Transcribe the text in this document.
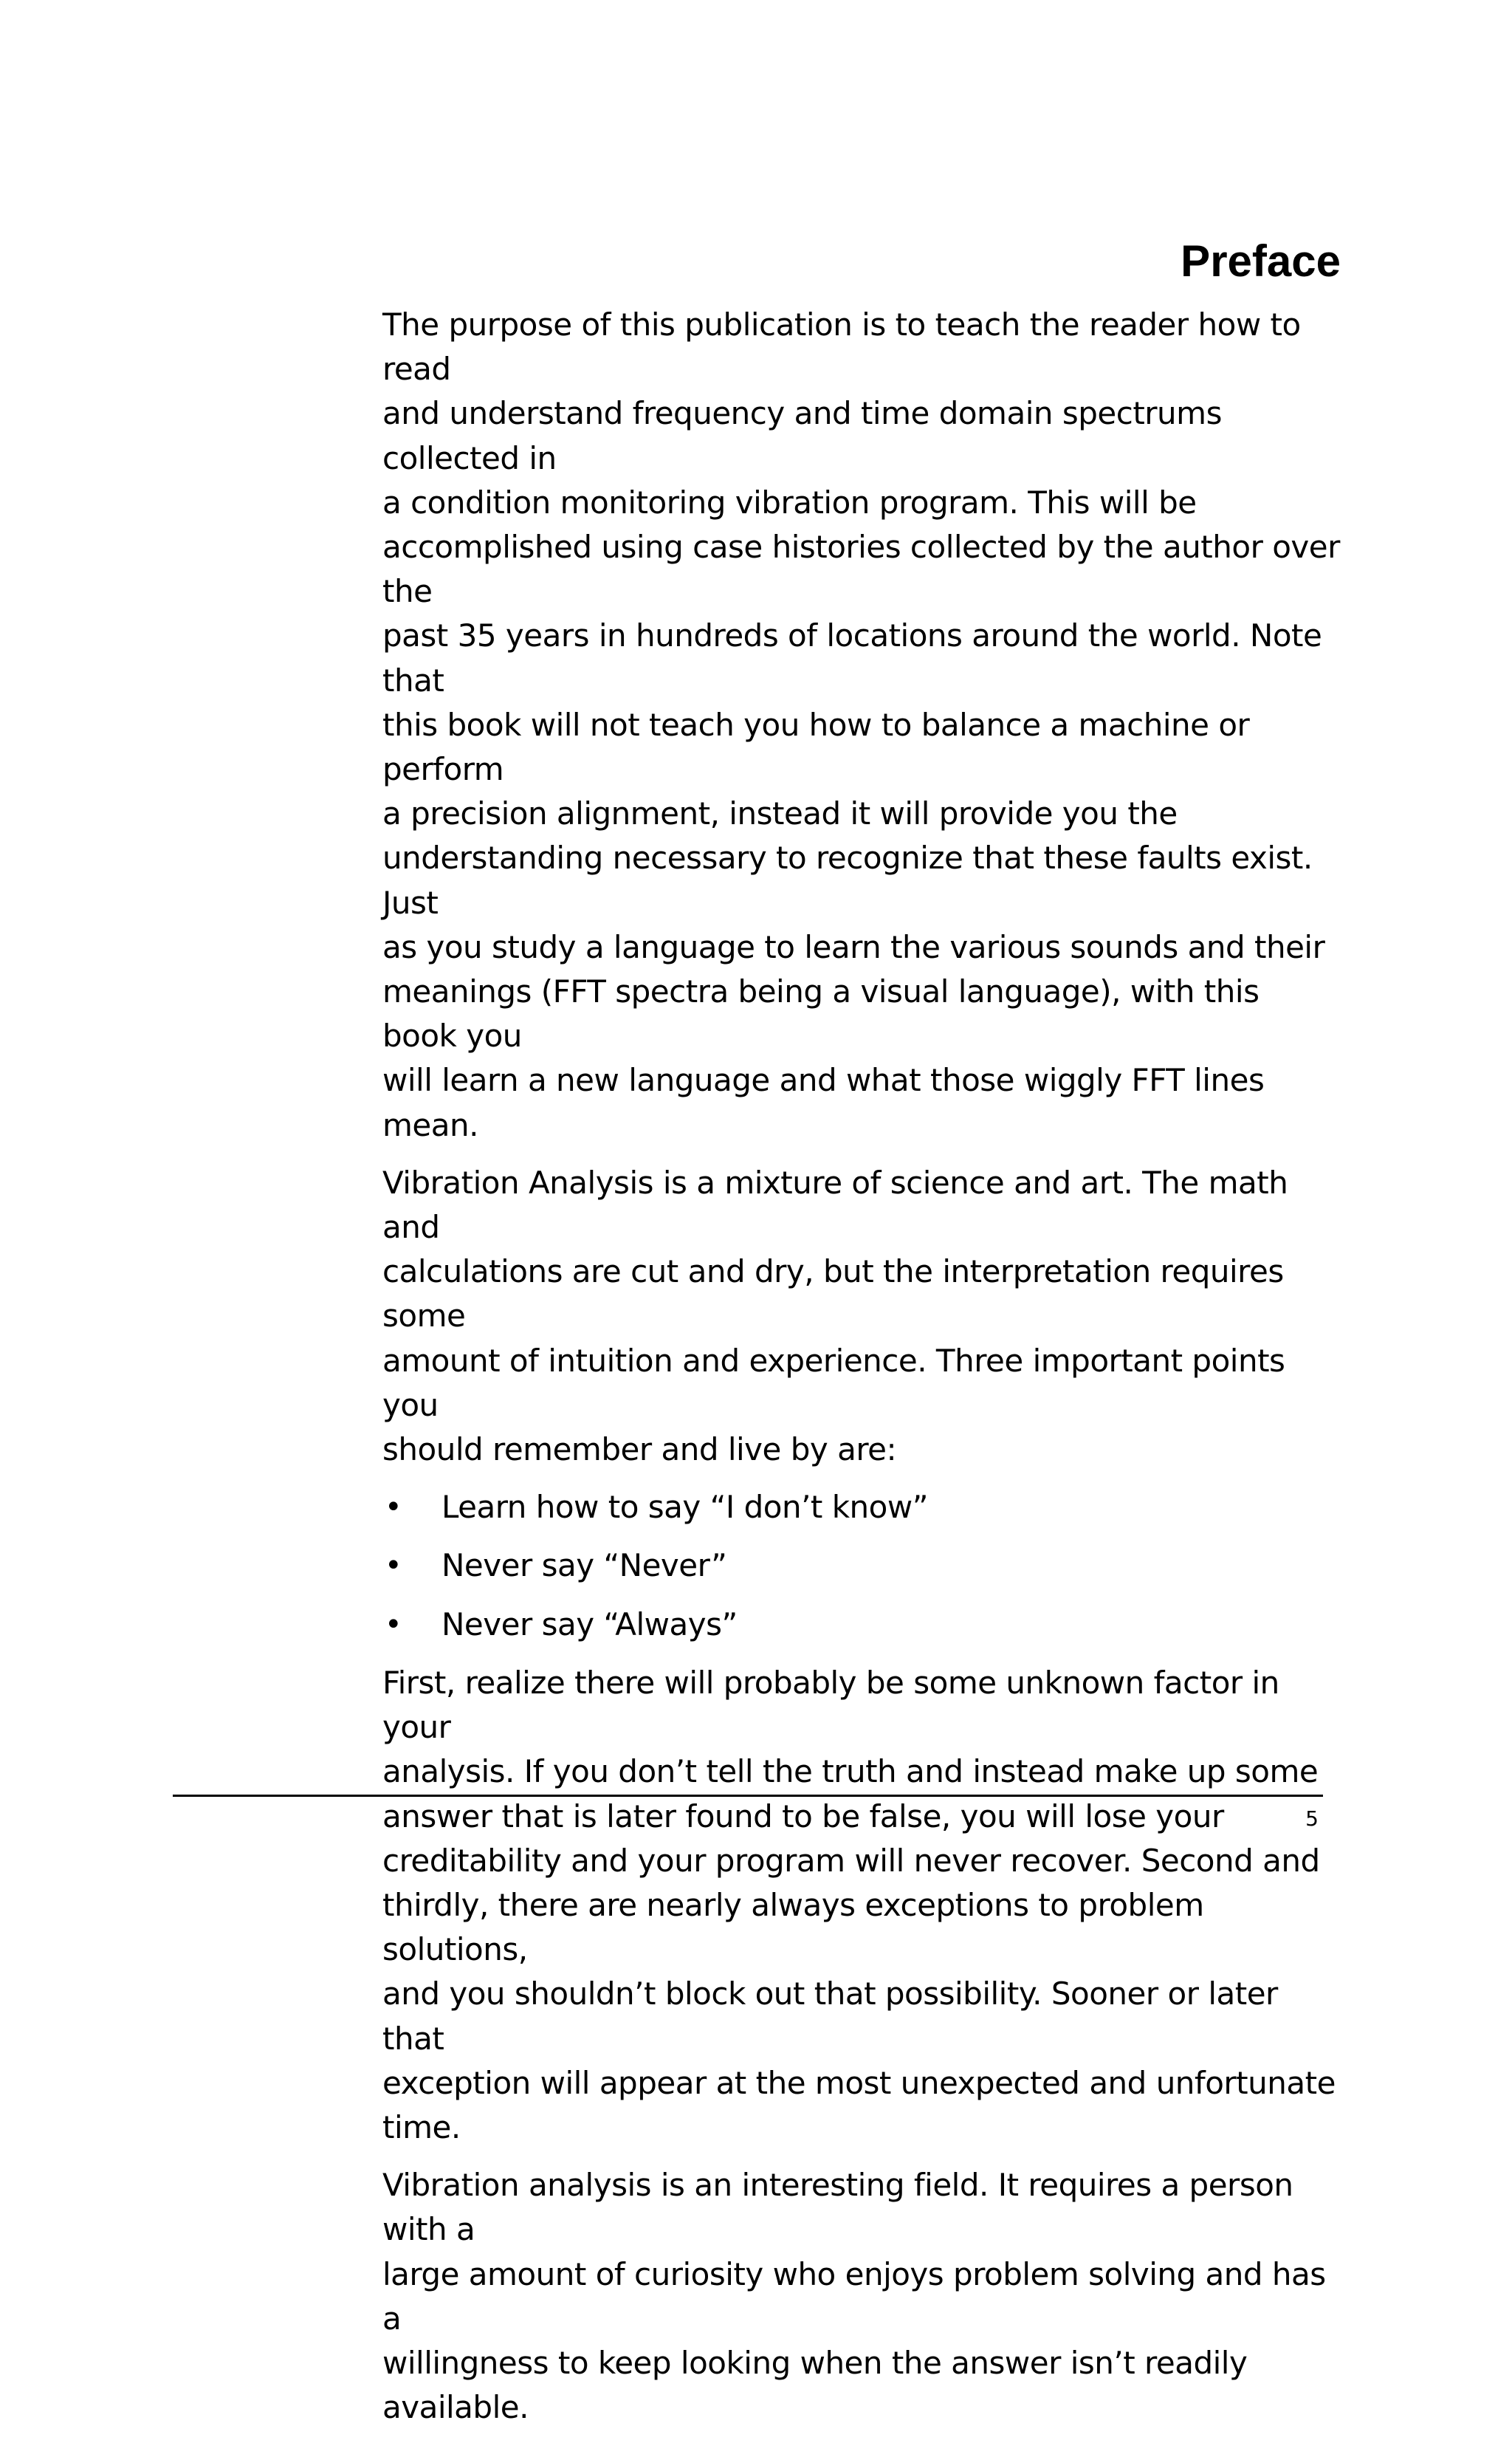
Preface

The purpose of this publication is to teach the reader how to read
and understand frequency and time domain spectrums collected in
a condition monitoring vibration program. This will be
accomplished using case histories collected by the author over the
past 35 years in hundreds of locations around the world. Note that
this book will not teach you how to balance a machine or perform
a precision alignment, instead it will provide you the
understanding necessary to recognize that these faults exist. Just
as you study a language to learn the various sounds and their
meanings (FFT spectra being a visual language), with this book you
will learn a new language and what those wiggly FFT lines mean.

Vibration Analysis is a mixture of science and art. The math and
calculations are cut and dry, but the interpretation requires some
amount of intuition and experience. Three important points you
should remember and live by are:

• Learn how to say “I don’t know”
• Never say “Never”
• Never say “Always”

First, realize there will probably be some unknown factor in your
analysis. If you don’t tell the truth and instead make up some
answer that is later found to be false, you will lose your
creditability and your program will never recover. Second and
thirdly, there are nearly always exceptions to problem solutions,
and you shouldn’t block out that possibility. Sooner or later that
exception will appear at the most unexpected and unfortunate
time.

Vibration analysis is an interesting field. It requires a person with a
large amount of curiosity who enjoys problem solving and has a
willingness to keep looking when the answer isn’t readily available.

5
